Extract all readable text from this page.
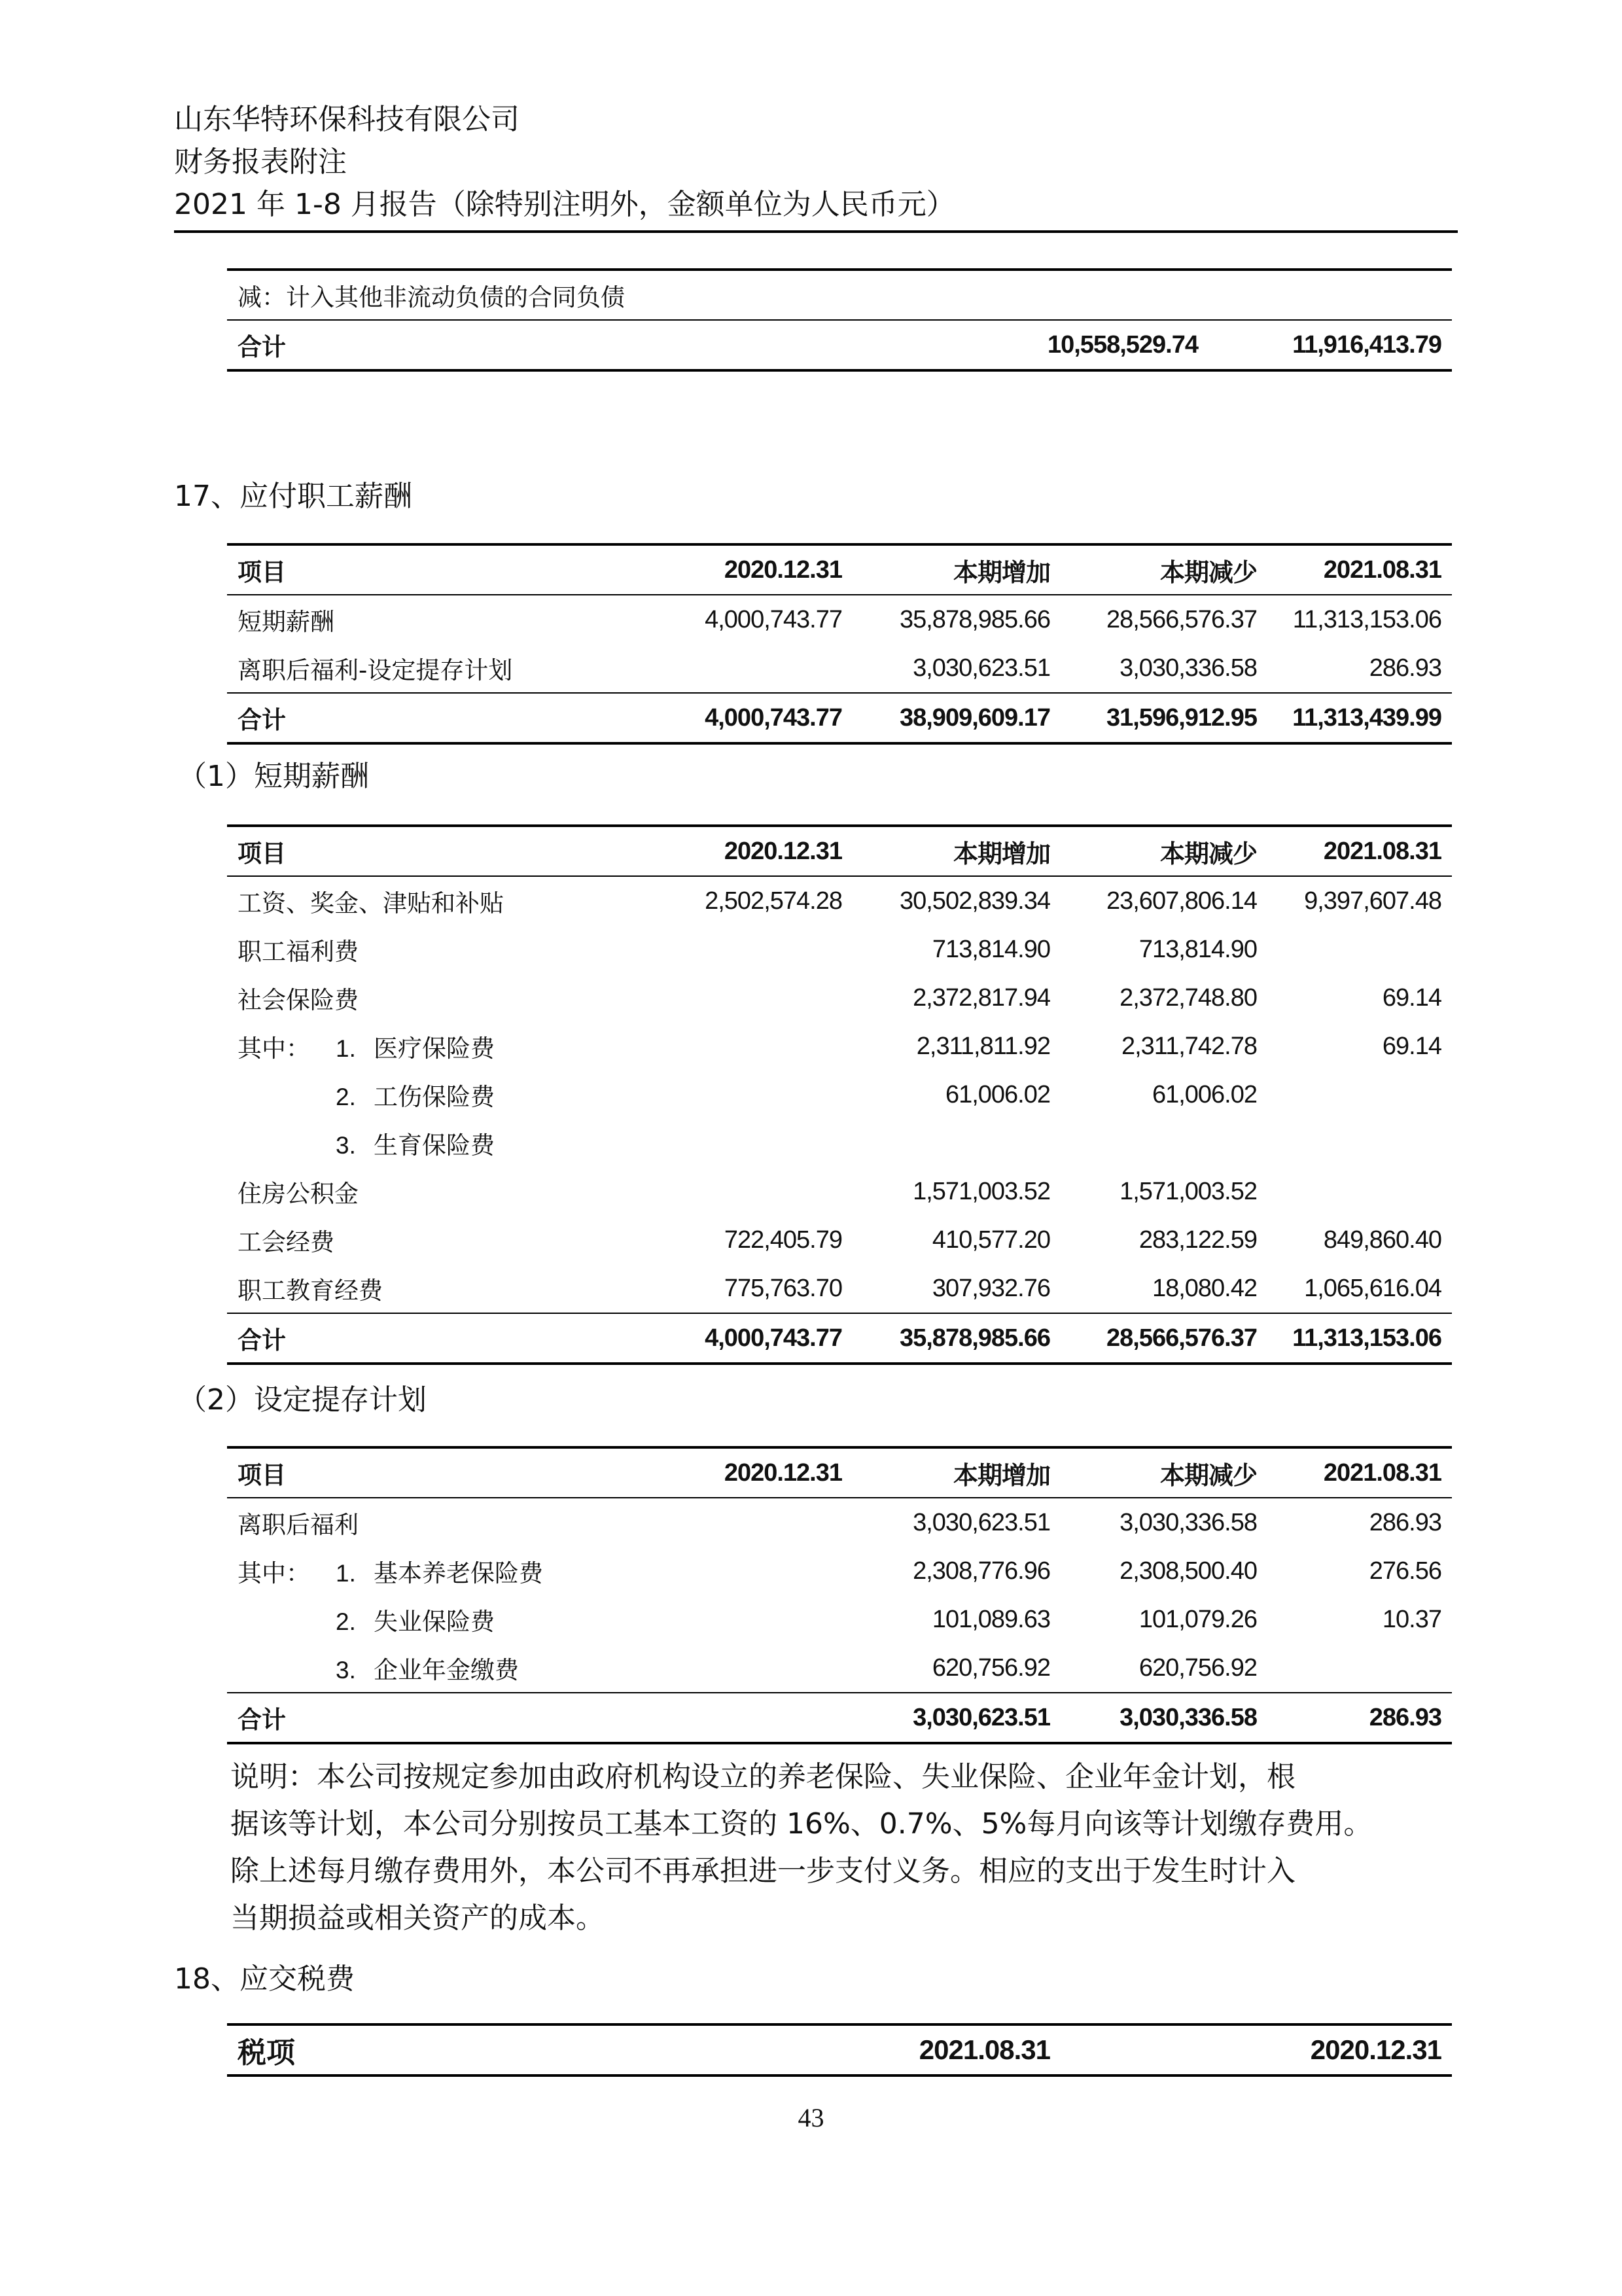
山东华特环保科技有限公司
财务报表附注
2021 年 1-8 月报告（除特别注明外，金额单位为人民币元）
减：计入其他非流动负债的合同负债		
合计	10,558,529.74	11,916,413.79
17、应付职工薪酬
项目	2020.12.31	本期增加	本期减少	2021.08.31
短期薪酬	4,000,743.77	35,878,985.66	28,566,576.37	11,313,153.06
离职后福利-设定提存计划		3,030,623.51	3,030,336.58	286.93
合计	4,000,743.77	38,909,609.17	31,596,912.95	11,313,439.99
（1）短期薪酬
项目	2020.12.31	本期增加	本期减少	2021.08.31
工资、奖金、津贴和补贴	2,502,574.28	30,502,839.34	23,607,806.14	9,397,607.48
职工福利费		713,814.90	713,814.90	
社会保险费		2,372,817.94	2,372,748.80	69.14
其中： 1. 医疗保险费		2,311,811.92	2,311,742.78	69.14
2. 工伤保险费		61,006.02	61,006.02	
3. 生育保险费				
住房公积金		1,571,003.52	1,571,003.52	
工会经费	722,405.79	410,577.20	283,122.59	849,860.40
职工教育经费	775,763.70	307,932.76	18,080.42	1,065,616.04
合计	4,000,743.77	35,878,985.66	28,566,576.37	11,313,153.06
（2）设定提存计划
项目	2020.12.31	本期增加	本期减少	2021.08.31
离职后福利		3,030,623.51	3,030,336.58	286.93
其中： 1. 基本养老保险费		2,308,776.96	2,308,500.40	276.56
2. 失业保险费		101,089.63	101,079.26	10.37
3. 企业年金缴费		620,756.92	620,756.92	
合计		3,030,623.51	3,030,336.58	286.93
说明：本公司按规定参加由政府机构设立的养老保险、失业保险、企业年金计划，根
据该等计划，本公司分别按员工基本工资的 16%、0.7%、5%每月向该等计划缴存费用。
除上述每月缴存费用外，本公司不再承担进一步支付义务。相应的支出于发生时计入
当期损益或相关资产的成本。
18、应交税费
税项	2021.08.31	2020.12.31
43
